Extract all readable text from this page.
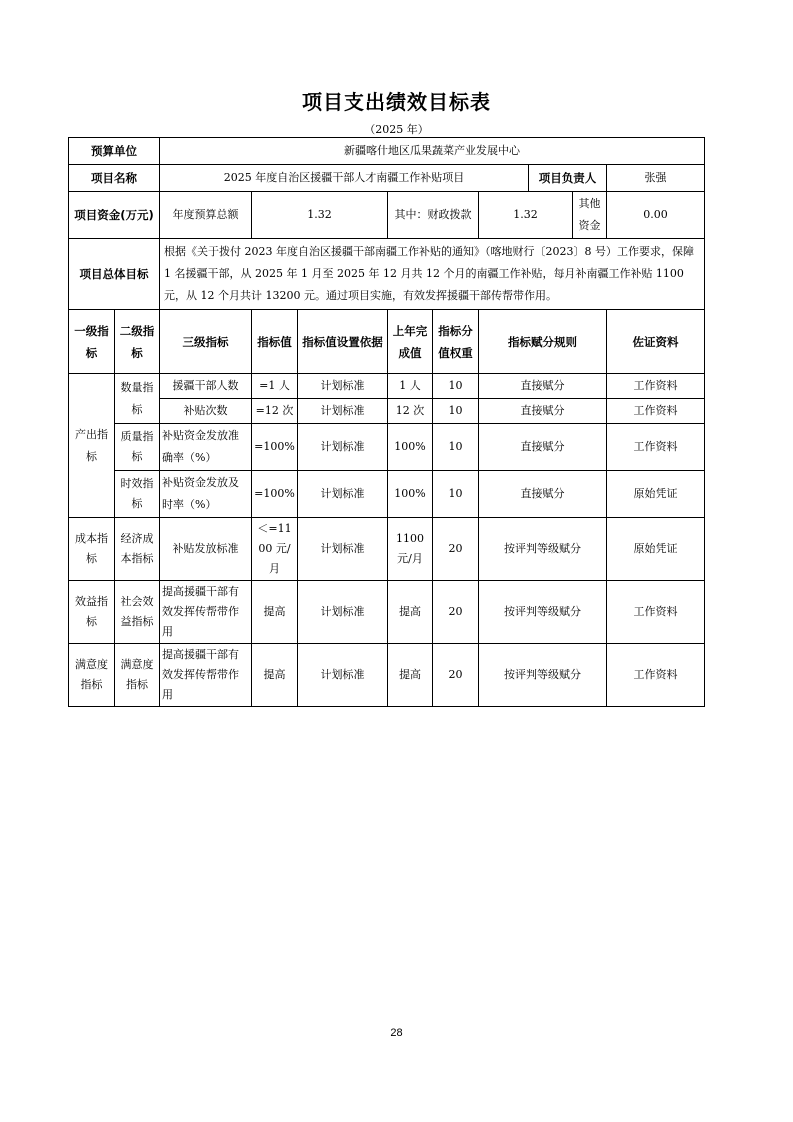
项目支出绩效目标表
（2025 年）
预算单位		新疆喀什地区瓜果蔬菜产业发展中心								
项目名称		2025 年度自治区援疆干部人才南疆工作补贴项目						项目负责人		张强
项目资金(万元)		年度预算总额	1.32		其中：财政拨款		1.32		其他资金	0.00
项目总体目标		根据《关于拨付 2023 年度自治区援疆干部南疆工作补贴的通知》（喀地财行〔2023〕8 号）工作要求，保障 1 名援疆干部，从 2025 年 1 月至 2025 年 12 月共 12 个月的南疆工作补贴，每月补南疆工作补贴 1100 元，从 12 个月共计 13200 元。通过项目实施，有效发挥援疆干部传帮带作用。								
一级指标	二级指标	三级指标	指标值	指标值设置依据	上年完成值	指标分值权重	指标赋分规则			佐证资料
产出指标	数量指标	援疆干部人数	=1 人	计划标准	1 人	10	直接赋分			工作资料
		补贴次数	=12 次	计划标准	12 次	10	直接赋分			工作资料
	质量指标	补贴资金发放准确率（%）	=100%	计划标准	100%	10	直接赋分			工作资料
	时效指标	补贴资金发放及时率（%）	=100%	计划标准	100%	10	直接赋分			原始凭证
成本指标	经济成本指标	补贴发放标准	＜=1100 元/月	计划标准	1100 元/月	20	按评判等级赋分			原始凭证
效益指标	社会效益指标	提高援疆干部有效发挥传帮带作用	提高	计划标准	提高	20	按评判等级赋分			工作资料
满意度指标	满意度指标	提高援疆干部有效发挥传帮带作用	提高	计划标准	提高	20	按评判等级赋分			工作资料
28
